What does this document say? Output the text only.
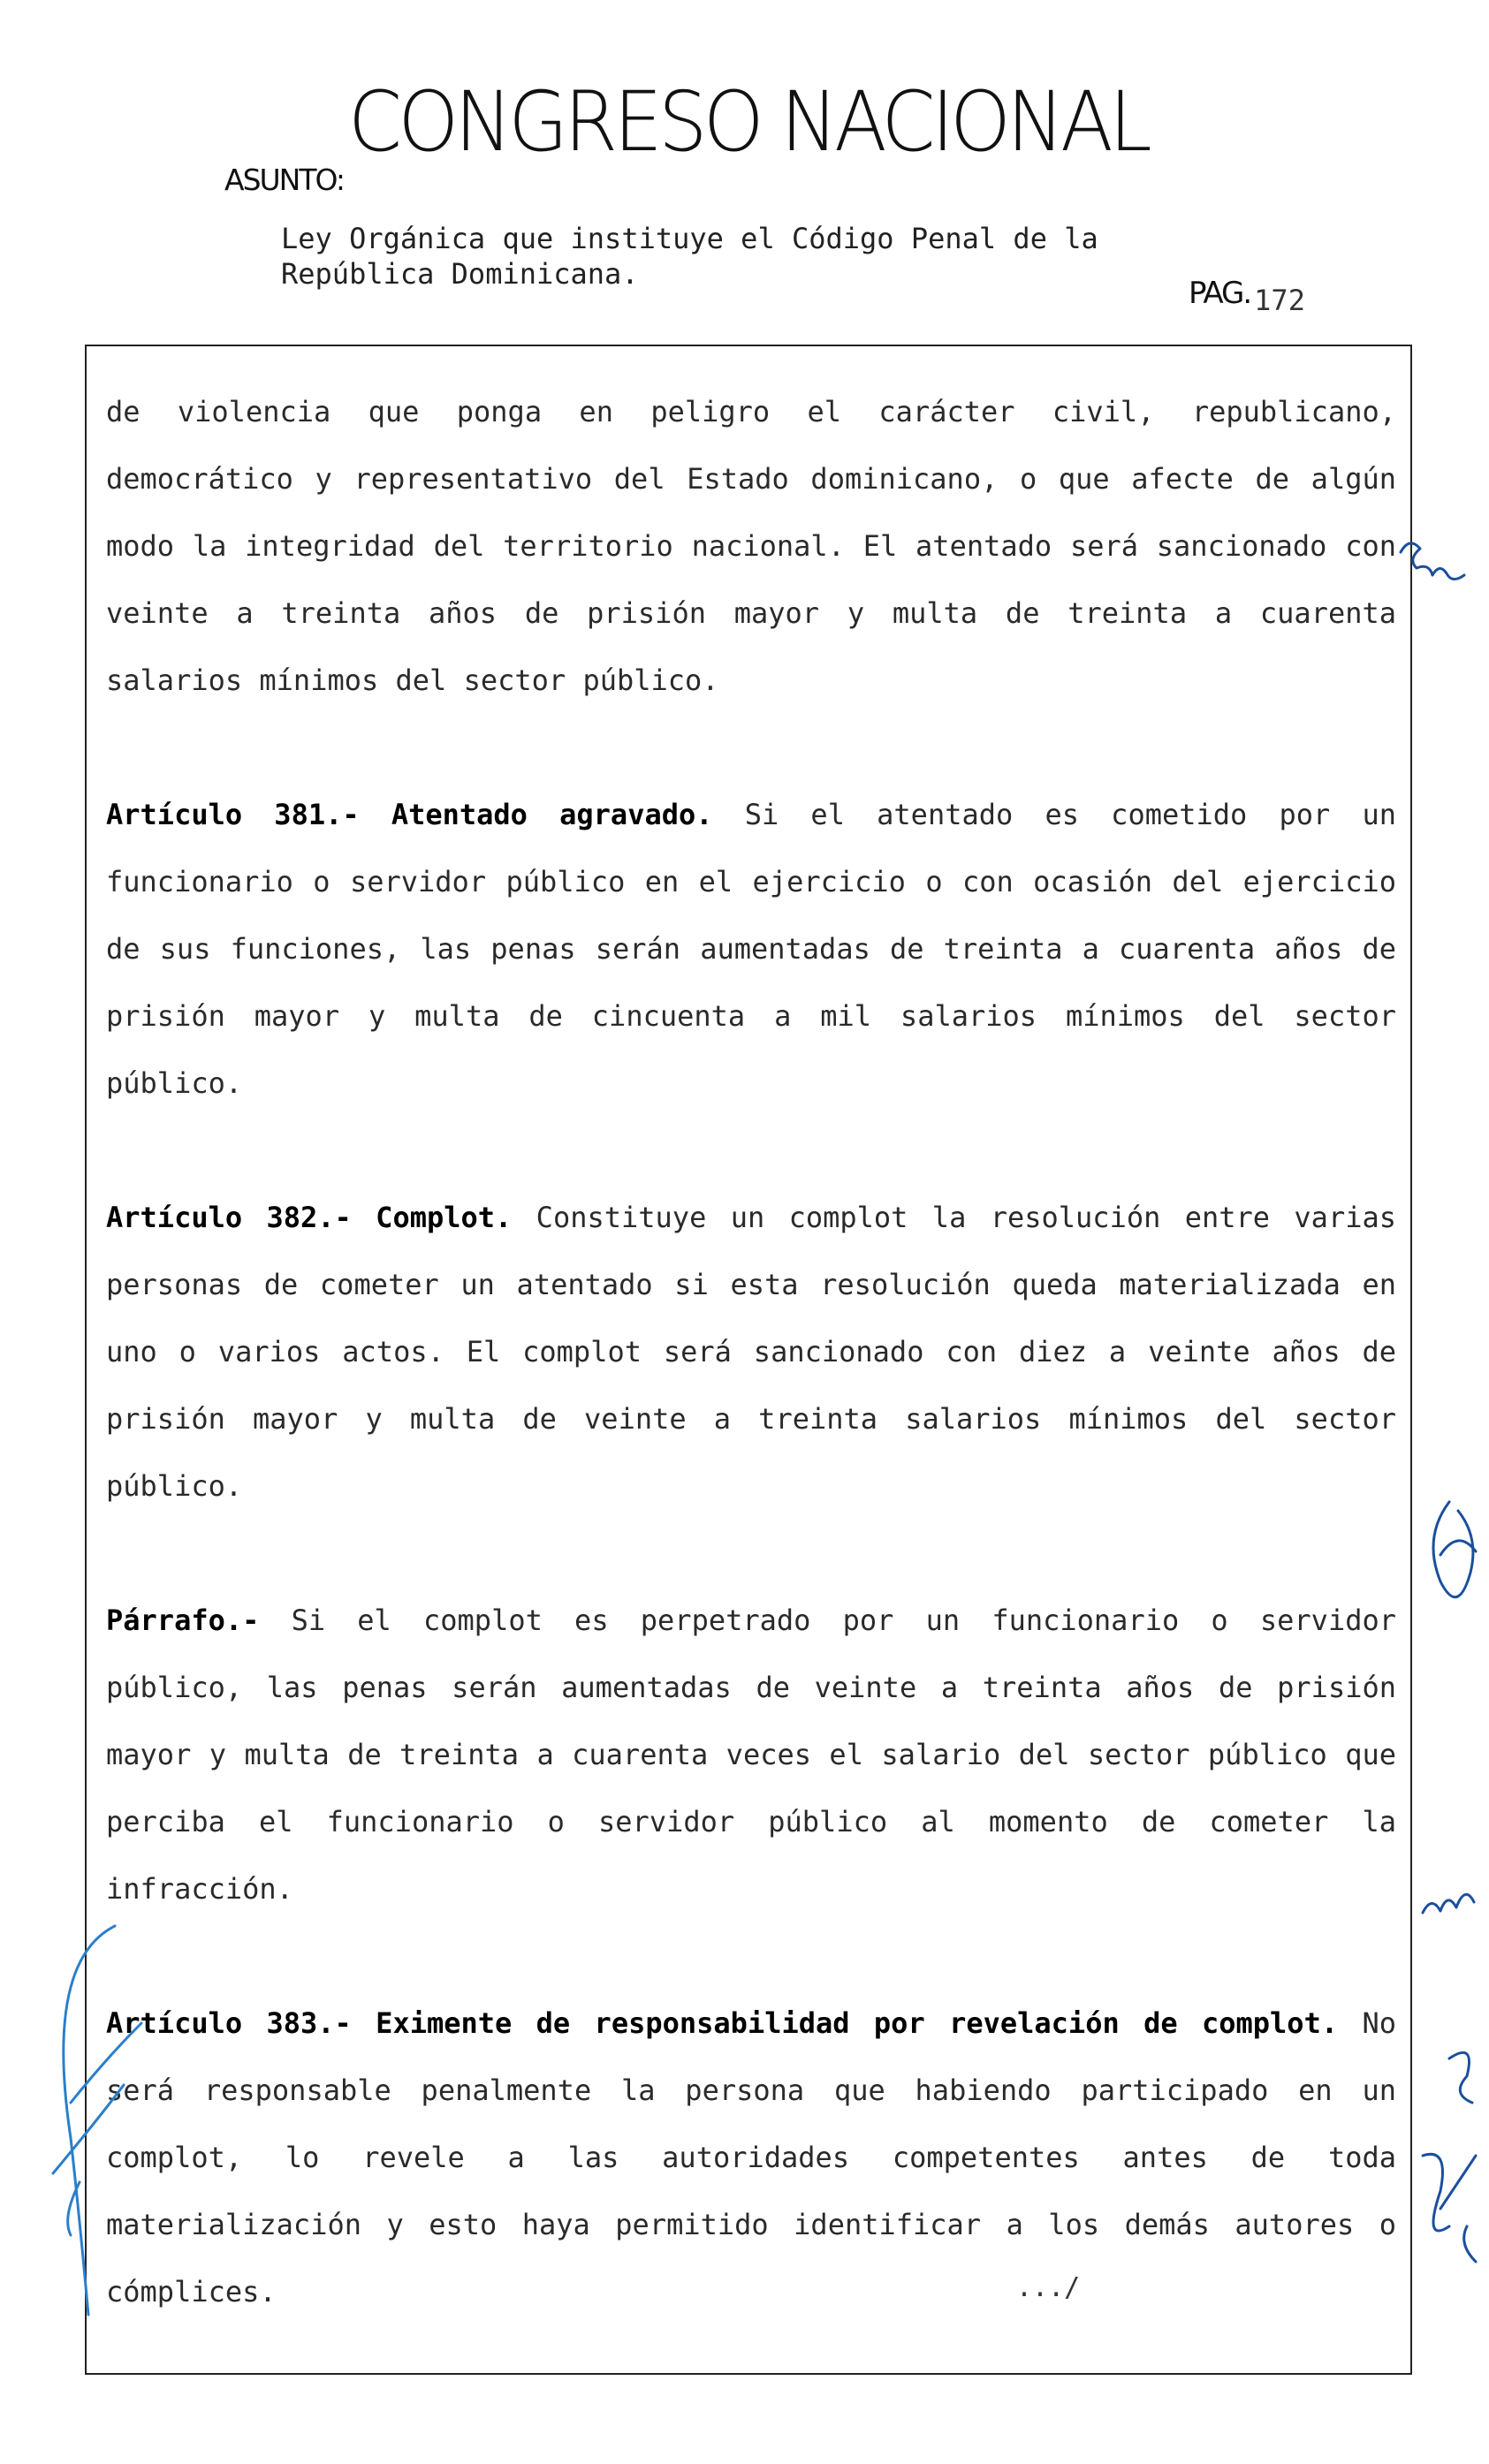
CONGRESO NACIONAL
ASUNTO:
Ley Orgánica que instituye el Código Penal de la
República Dominicana.
PAG. 172

de violencia que ponga en peligro el carácter civil, republicano, democrático y representativo del Estado dominicano, o que afecte de algún modo la integridad del territorio nacional. El atentado será sancionado con veinte a treinta años de prisión mayor y multa de treinta a cuarenta salarios mínimos del sector público.

Artículo 381.- Atentado agravado. Si el atentado es cometido por un funcionario o servidor público en el ejercicio o con ocasión del ejercicio de sus funciones, las penas serán aumentadas de treinta a cuarenta años de prisión mayor y multa de cincuenta a mil salarios mínimos del sector público.

Artículo 382.- Complot. Constituye un complot la resolución entre varias personas de cometer un atentado si esta resolución queda materializada en uno o varios actos. El complot será sancionado con diez a veinte años de prisión mayor y multa de veinte a treinta salarios mínimos del sector público.

Párrafo.- Si el complot es perpetrado por un funcionario o servidor público, las penas serán aumentadas de veinte a treinta años de prisión mayor y multa de treinta a cuarenta veces el salario del sector público que perciba el funcionario o servidor público al momento de cometer la infracción.

Artículo 383.- Eximente de responsabilidad por revelación de complot. No será responsable penalmente la persona que habiendo participado en un complot, lo revele a las autoridades competentes antes de toda materialización y esto haya permitido identificar a los demás autores o cómplices.	.../
